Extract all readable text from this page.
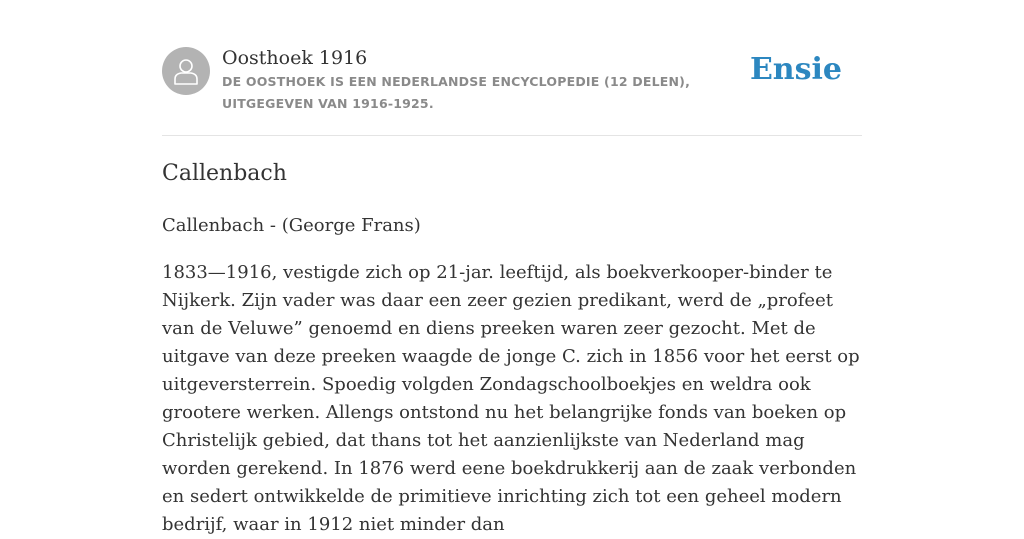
Oosthoek 1916
DE OOSTHOEK IS EEN NEDERLANDSE ENCYCLOPEDIE (12 DELEN), UITGEGEVEN VAN 1916-1925.
Ensie
Callenbach

Callenbach - (George Frans)

1833—1916, vestigde zich op 21-jar. leeftijd, als boekverkooper-binder te Nijkerk. Zijn vader was daar een zeer gezien predikant, werd de „profeet van de Veluwe” genoemd en diens preeken waren zeer gezocht. Met de uitgave van deze preeken waagde de jonge C. zich in 1856 voor het eerst op uitgeversterrein. Spoedig volgden Zondagschoolboekjes en weldra ook grootere werken. Allengs ontstond nu het belangrijke fonds van boeken op Christelijk gebied, dat thans tot het aanzienlijkste van Nederland mag worden gerekend. In 1876 werd eene boekdrukkerij aan de zaak verbonden en sedert ontwikkelde de primitieve inrichting zich tot een geheel modern bedrijf, waar in 1912 niet minder dan
